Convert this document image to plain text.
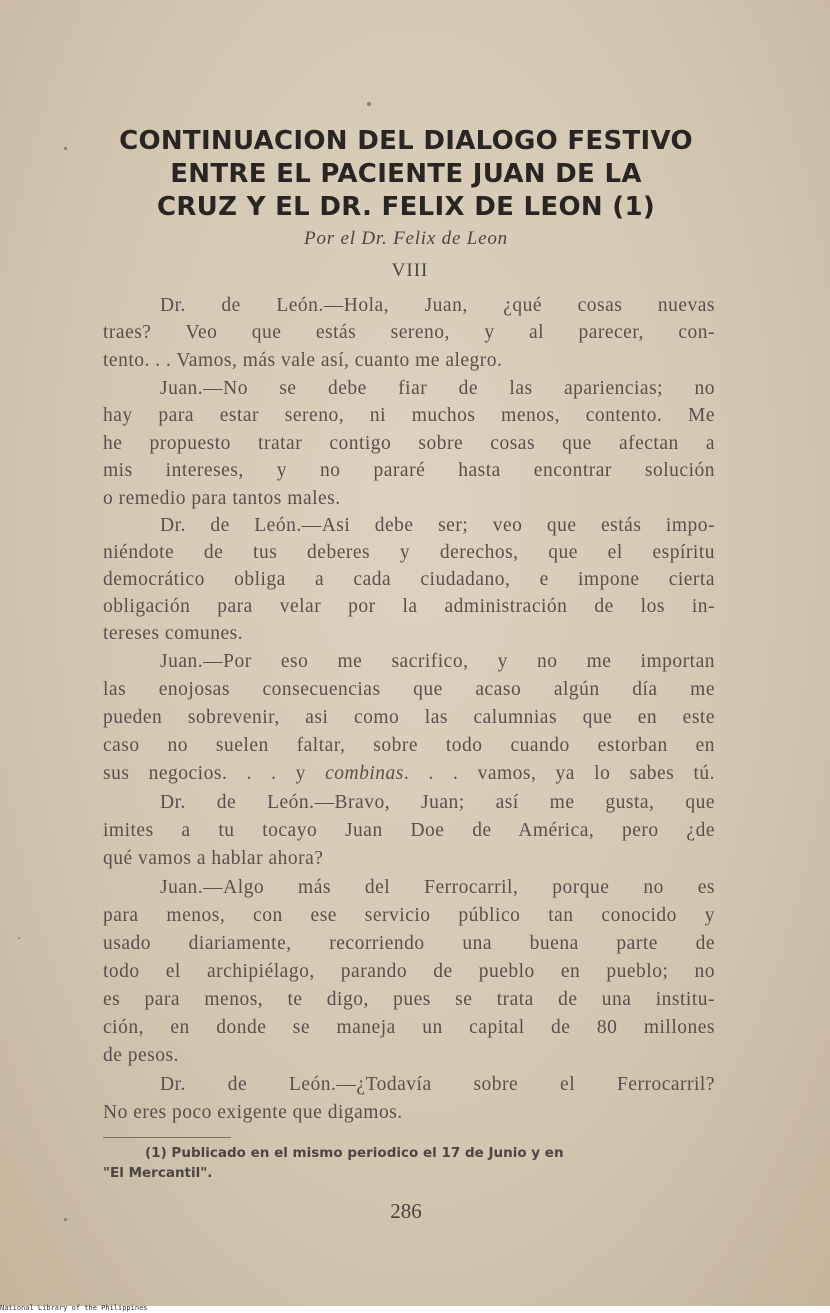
CONTINUACION DEL DIALOGO FESTIVO
ENTRE EL PACIENTE JUAN DE LA
CRUZ Y EL DR. FELIX DE LEON (1)
Por el Dr. Felix de Leon
VIII
Dr. de León.—Hola, Juan, ¿qué cosas nuevas
traes? Veo que estás sereno, y al parecer, con-
tento. . . Vamos, más vale así, cuanto me alegro.
Juan.—No se debe fiar de las apariencias; no
hay para estar sereno, ni muchos menos, contento. Me
he propuesto tratar contigo sobre cosas que afectan a
mis intereses, y no pararé hasta encontrar solución
o remedio para tantos males.
Dr. de León.—Asi debe ser; veo que estás impo-
niéndote de tus deberes y derechos, que el espíritu
democrático obliga a cada ciudadano, e impone cierta
obligación para velar por la administración de los in-
tereses comunes.
Juan.—Por eso me sacrifico, y no me importan
las enojosas consecuencias que acaso algún día me
pueden sobrevenir, asi como las calumnias que en este
caso no suelen faltar, sobre todo cuando estorban en
sus negocios. . . y combinas. . . vamos, ya lo sabes tú.
Dr. de León.—Bravo, Juan; así me gusta, que
imites a tu tocayo Juan Doe de América, pero ¿de
qué vamos a hablar ahora?
Juan.—Algo más del Ferrocarril, porque no es
para menos, con ese servicio público tan conocido y
usado diariamente, recorriendo una buena parte de
todo el archipiélago, parando de pueblo en pueblo; no
es para menos, te digo, pues se trata de una institu-
ción, en donde se maneja un capital de 80 millones
de pesos.
Dr. de León.—¿Todavía sobre el Ferrocarril?
No eres poco exigente que digamos.
(1) Publicado en el mismo periodico el 17 de Junio y en
"El Mercantil".
286
National Library of the Philippines
